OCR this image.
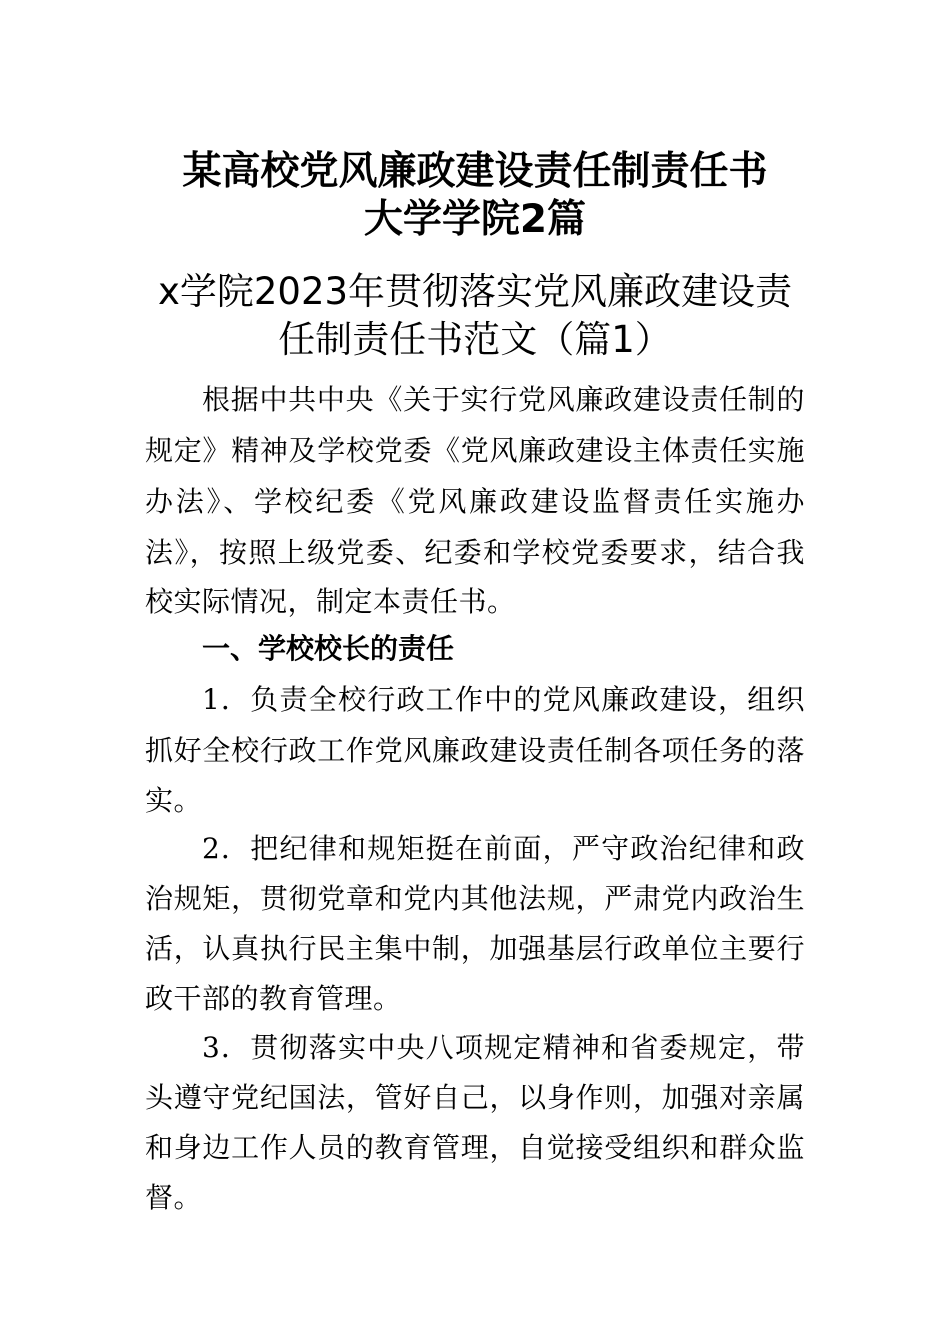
某高校党风廉政建设责任制责任书
大学学院2篇
x学院2023年贯彻落实党风廉政建设责
任制责任书范文（篇1）
根据中共中央《关于实行党风廉政建设责任制的
规定》精神及学校党委《党风廉政建设主体责任实施
办法》、学校纪委《党风廉政建设监督责任实施办
法》，按照上级党委、纪委和学校党委要求，结合我
校实际情况，制定本责任书。
一、学校校长的责任
1．负责全校行政工作中的党风廉政建设，组织
抓好全校行政工作党风廉政建设责任制各项任务的落
实。
2．把纪律和规矩挺在前面，严守政治纪律和政
治规矩，贯彻党章和党内其他法规，严肃党内政治生
活，认真执行民主集中制，加强基层行政单位主要行
政干部的教育管理。
3．贯彻落实中央八项规定精神和省委规定，带
头遵守党纪国法，管好自己，以身作则，加强对亲属
和身边工作人员的教育管理，自觉接受组织和群众监
督。
